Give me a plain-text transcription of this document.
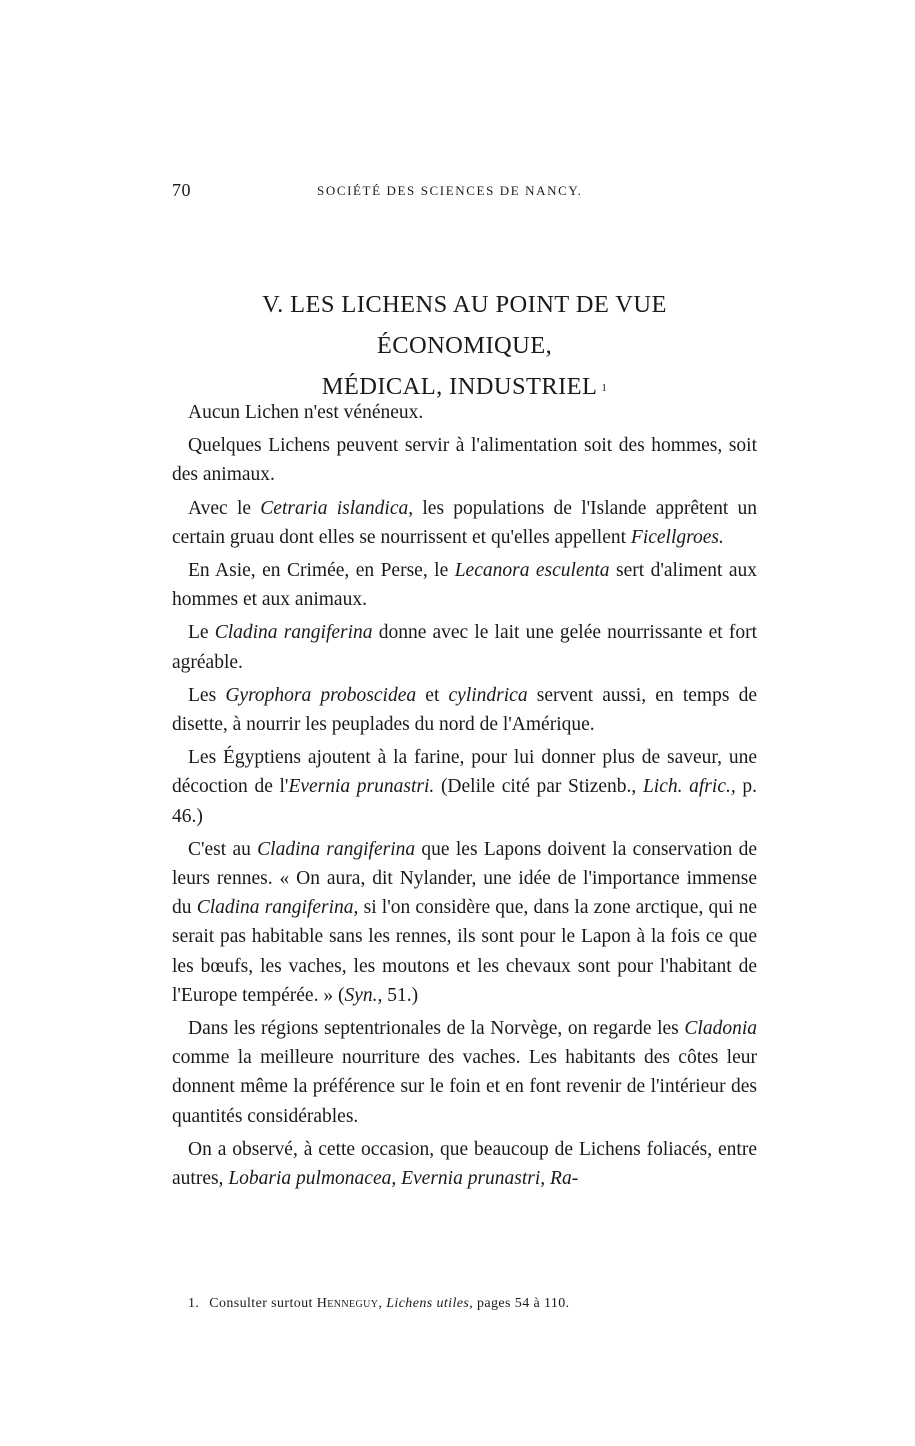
70	SOCIÉTÉ DES SCIENCES DE NANCY.
V. LES LICHENS AU POINT DE VUE ÉCONOMIQUE,
MÉDICAL, INDUSTRIEL $^1$

Aucun Lichen n'est vénéneux.

Quelques Lichens peuvent servir à l'alimentation soit des hommes, soit des animaux.

Avec le Cetraria islandica, les populations de l'Islande apprêtent un certain gruau dont elles se nourrissent et qu'elles appellent Ficellgroes.

En Asie, en Crimée, en Perse, le Lecanora esculenta sert d'aliment aux hommes et aux animaux.

Le Cladina rangiferina donne avec le lait une gelée nourrissante et fort agréable.

Les Gyrophora proboscidea et cylindrica servent aussi, en temps de disette, à nourrir les peuplades du nord de l'Amérique.

Les Égyptiens ajoutent à la farine, pour lui donner plus de saveur, une décoction de l'Evernia prunastri. (Delile cité par Stizenb., Lich. afric., p. 46.)

C'est au Cladina rangiferina que les Lapons doivent la conservation de leurs rennes. « On aura, dit Nylander, une idée de l'importance immense du Cladina rangiferina, si l'on considère que, dans la zone arctique, qui ne serait pas habitable sans les rennes, ils sont pour le Lapon à la fois ce que les bœufs, les vaches, les moutons et les chevaux sont pour l'habitant de l'Europe tempérée. » (Syn., 51.)

Dans les régions septentrionales de la Norvège, on regarde les Cladonia comme la meilleure nourriture des vaches. Les habitants des côtes leur donnent même la préférence sur le foin et en font revenir de l'intérieur des quantités considérables.

On a observé, à cette occasion, que beaucoup de Lichens foliacés, entre autres, Lobaria pulmonacea, Evernia prunastri, Ra-

1. Consulter surtout Henneguy, Lichens utiles, pages 54 à 110.
